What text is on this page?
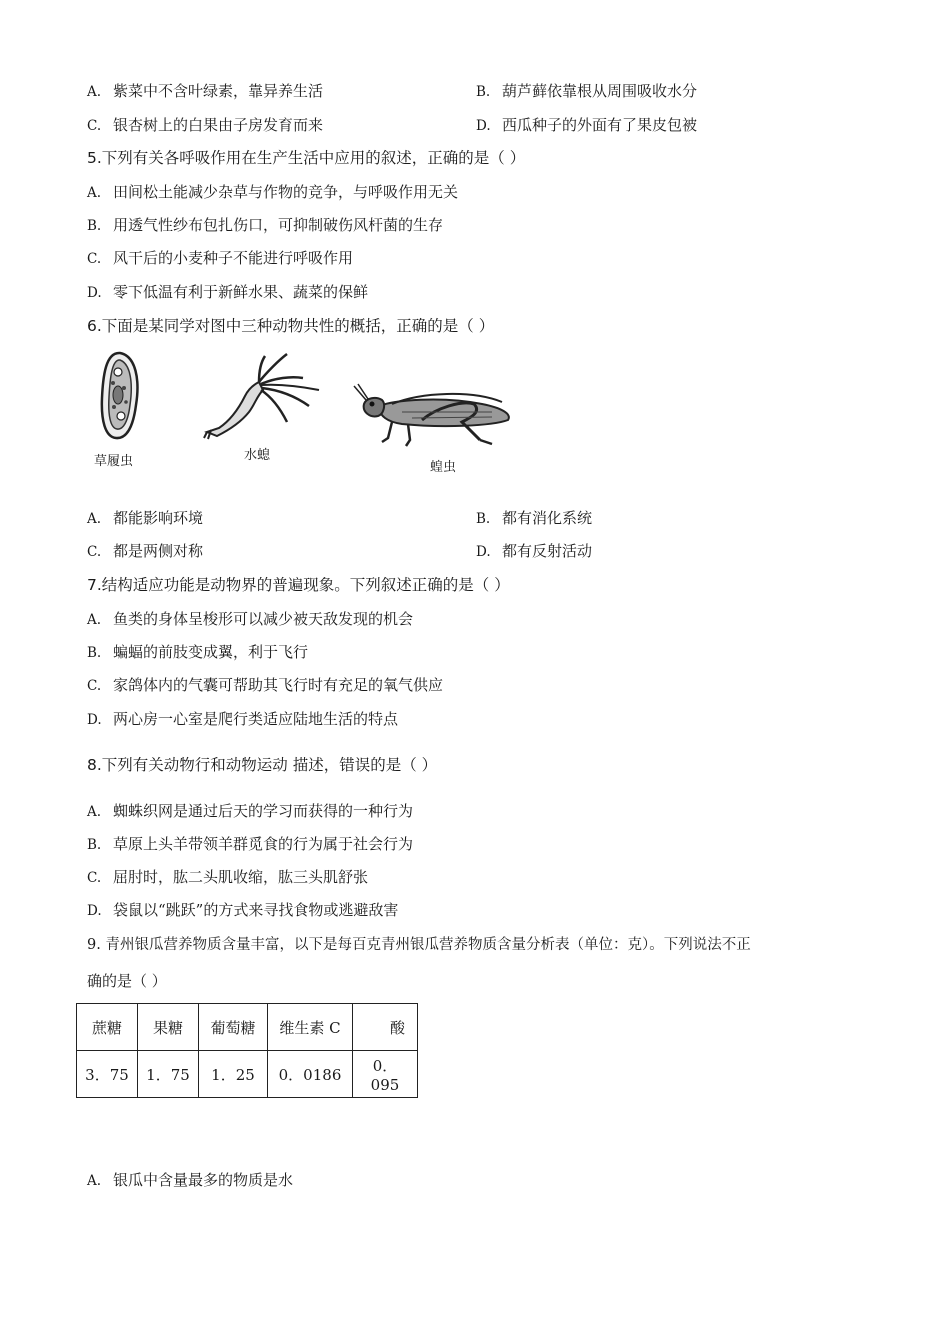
A. 紫菜中不含叶绿素，靠异养生活	B. 葫芦藓依靠根从周围吸收水分
C. 银杏树上的白果由子房发育而来	D. 西瓜种子的外面有了果皮包被
5.下列有关各呼吸作用在生产生活中应用的叙述，正确的是（ ）
A. 田间松土能减少杂草与作物的竞争，与呼吸作用无关
B. 用透气性纱布包扎伤口，可抑制破伤风杆菌的生存
C. 风干后的小麦种子不能进行呼吸作用
D. 零下低温有利于新鲜水果、蔬菜的保鲜
6.下面是某同学对图中三种动物共性的概括，正确的是（ ）
草履虫	水螅
蝗虫
A. 都能影响环境	B. 都有消化系统
C. 都是两侧对称	D. 都有反射活动
7.结构适应功能是动物界的普遍现象。下列叙述正确的是（ ）
A. 鱼类的身体呈梭形可以减少被天敌发现的机会
B. 蝙蝠的前肢变成翼，利于飞行
C. 家鸽体内的气囊可帮助其飞行时有充足的氧气供应
D. 两心房一心室是爬行类适应陆地生活的特点
8.下列有关动物行和动物运动 描述，错误的是（ ）
A. 蜘蛛织网是通过后天的学习而获得的一种行为
B. 草原上头羊带领羊群觅食的行为属于社会行为
C. 屈肘时，肱二头肌收缩，肱三头肌舒张
D. 袋鼠以“跳跃”的方式来寻找食物或逃避敌害
9. 青州银瓜营养物质含量丰富，以下是每百克青州银瓜营养物质含量分析表（单位：克）。下列说法不正
确的是（ ）
蔗糖	果糖	葡萄糖	维生素 C	酸
3．75	1．75	1．25	0．0186	0．095
A. 银瓜中含量最多的物质是水
